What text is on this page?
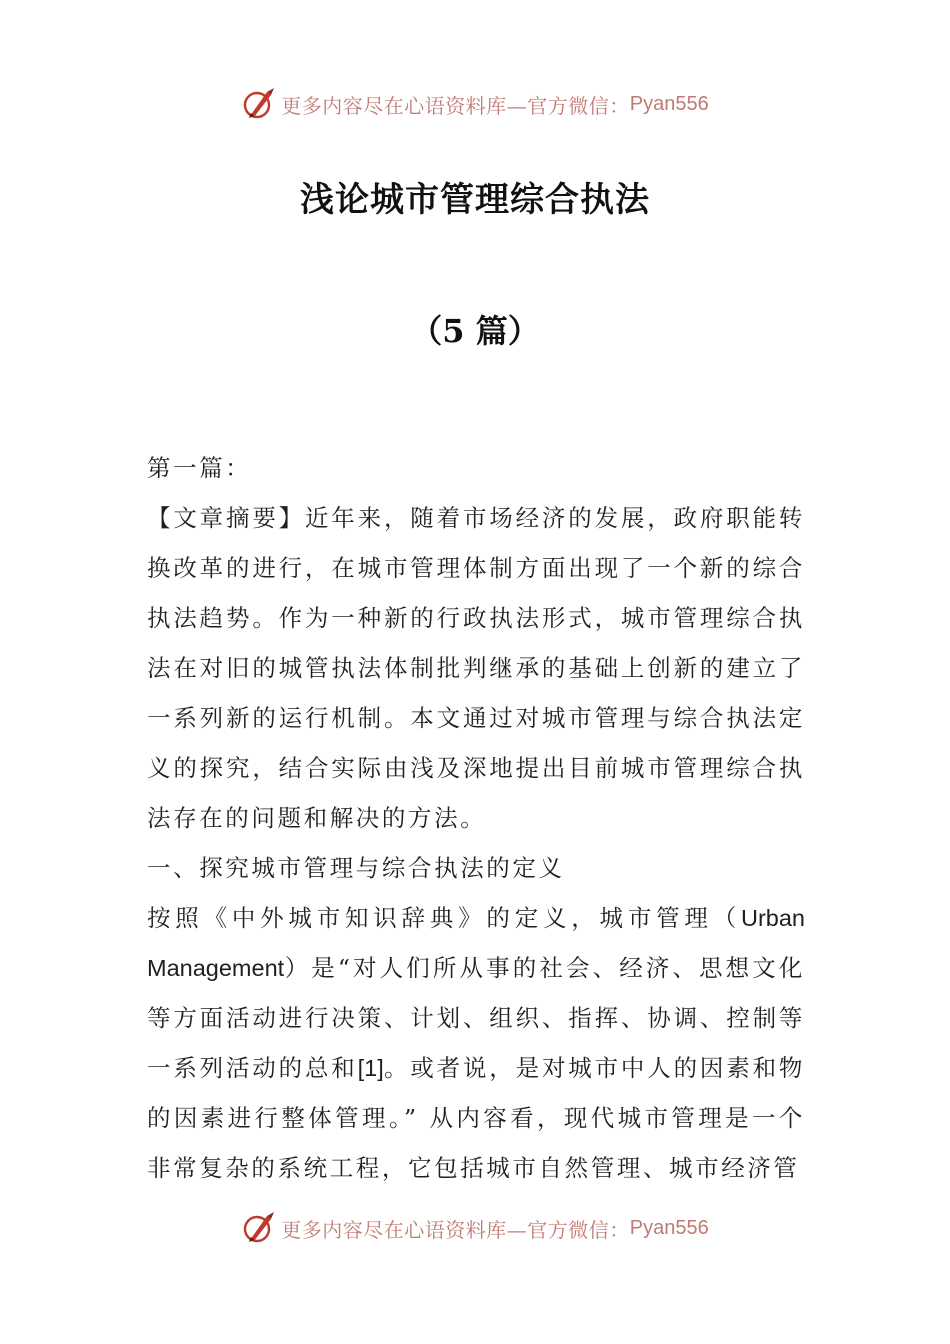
更多内容尽在心语资料库—官方微信： Pyan556
浅论城市管理综合执法
（5 篇）

第一篇：

【文章摘要】近年来，随着市场经济的发展，政府职能转换改革的进行，在城市管理体制方面出现了一个新的综合执法趋势。作为一种新的行政执法形式，城市管理综合执法在对旧的城管执法体制批判继承的基础上创新的建立了一系列新的运行机制。本文通过对城市管理与综合执法定义的探究，结合实际由浅及深地提出目前城市管理综合执法存在的问题和解决的方法。

一、探究城市管理与综合执法的定义

按照《中外城市知识辞典》的定义，城市管理（Urban Management）是“对人们所从事的社会、经济、思想文化等方面活动进行决策、计划、组织、指挥、协调、控制等一系列活动的总和[1]。或者说，是对城市中人的因素和物的因素进行整体管理。” 从内容看，现代城市管理是一个非常复杂的系统工程，它包括城市自然管理、城市经济管

更多内容尽在心语资料库—官方微信： Pyan556
